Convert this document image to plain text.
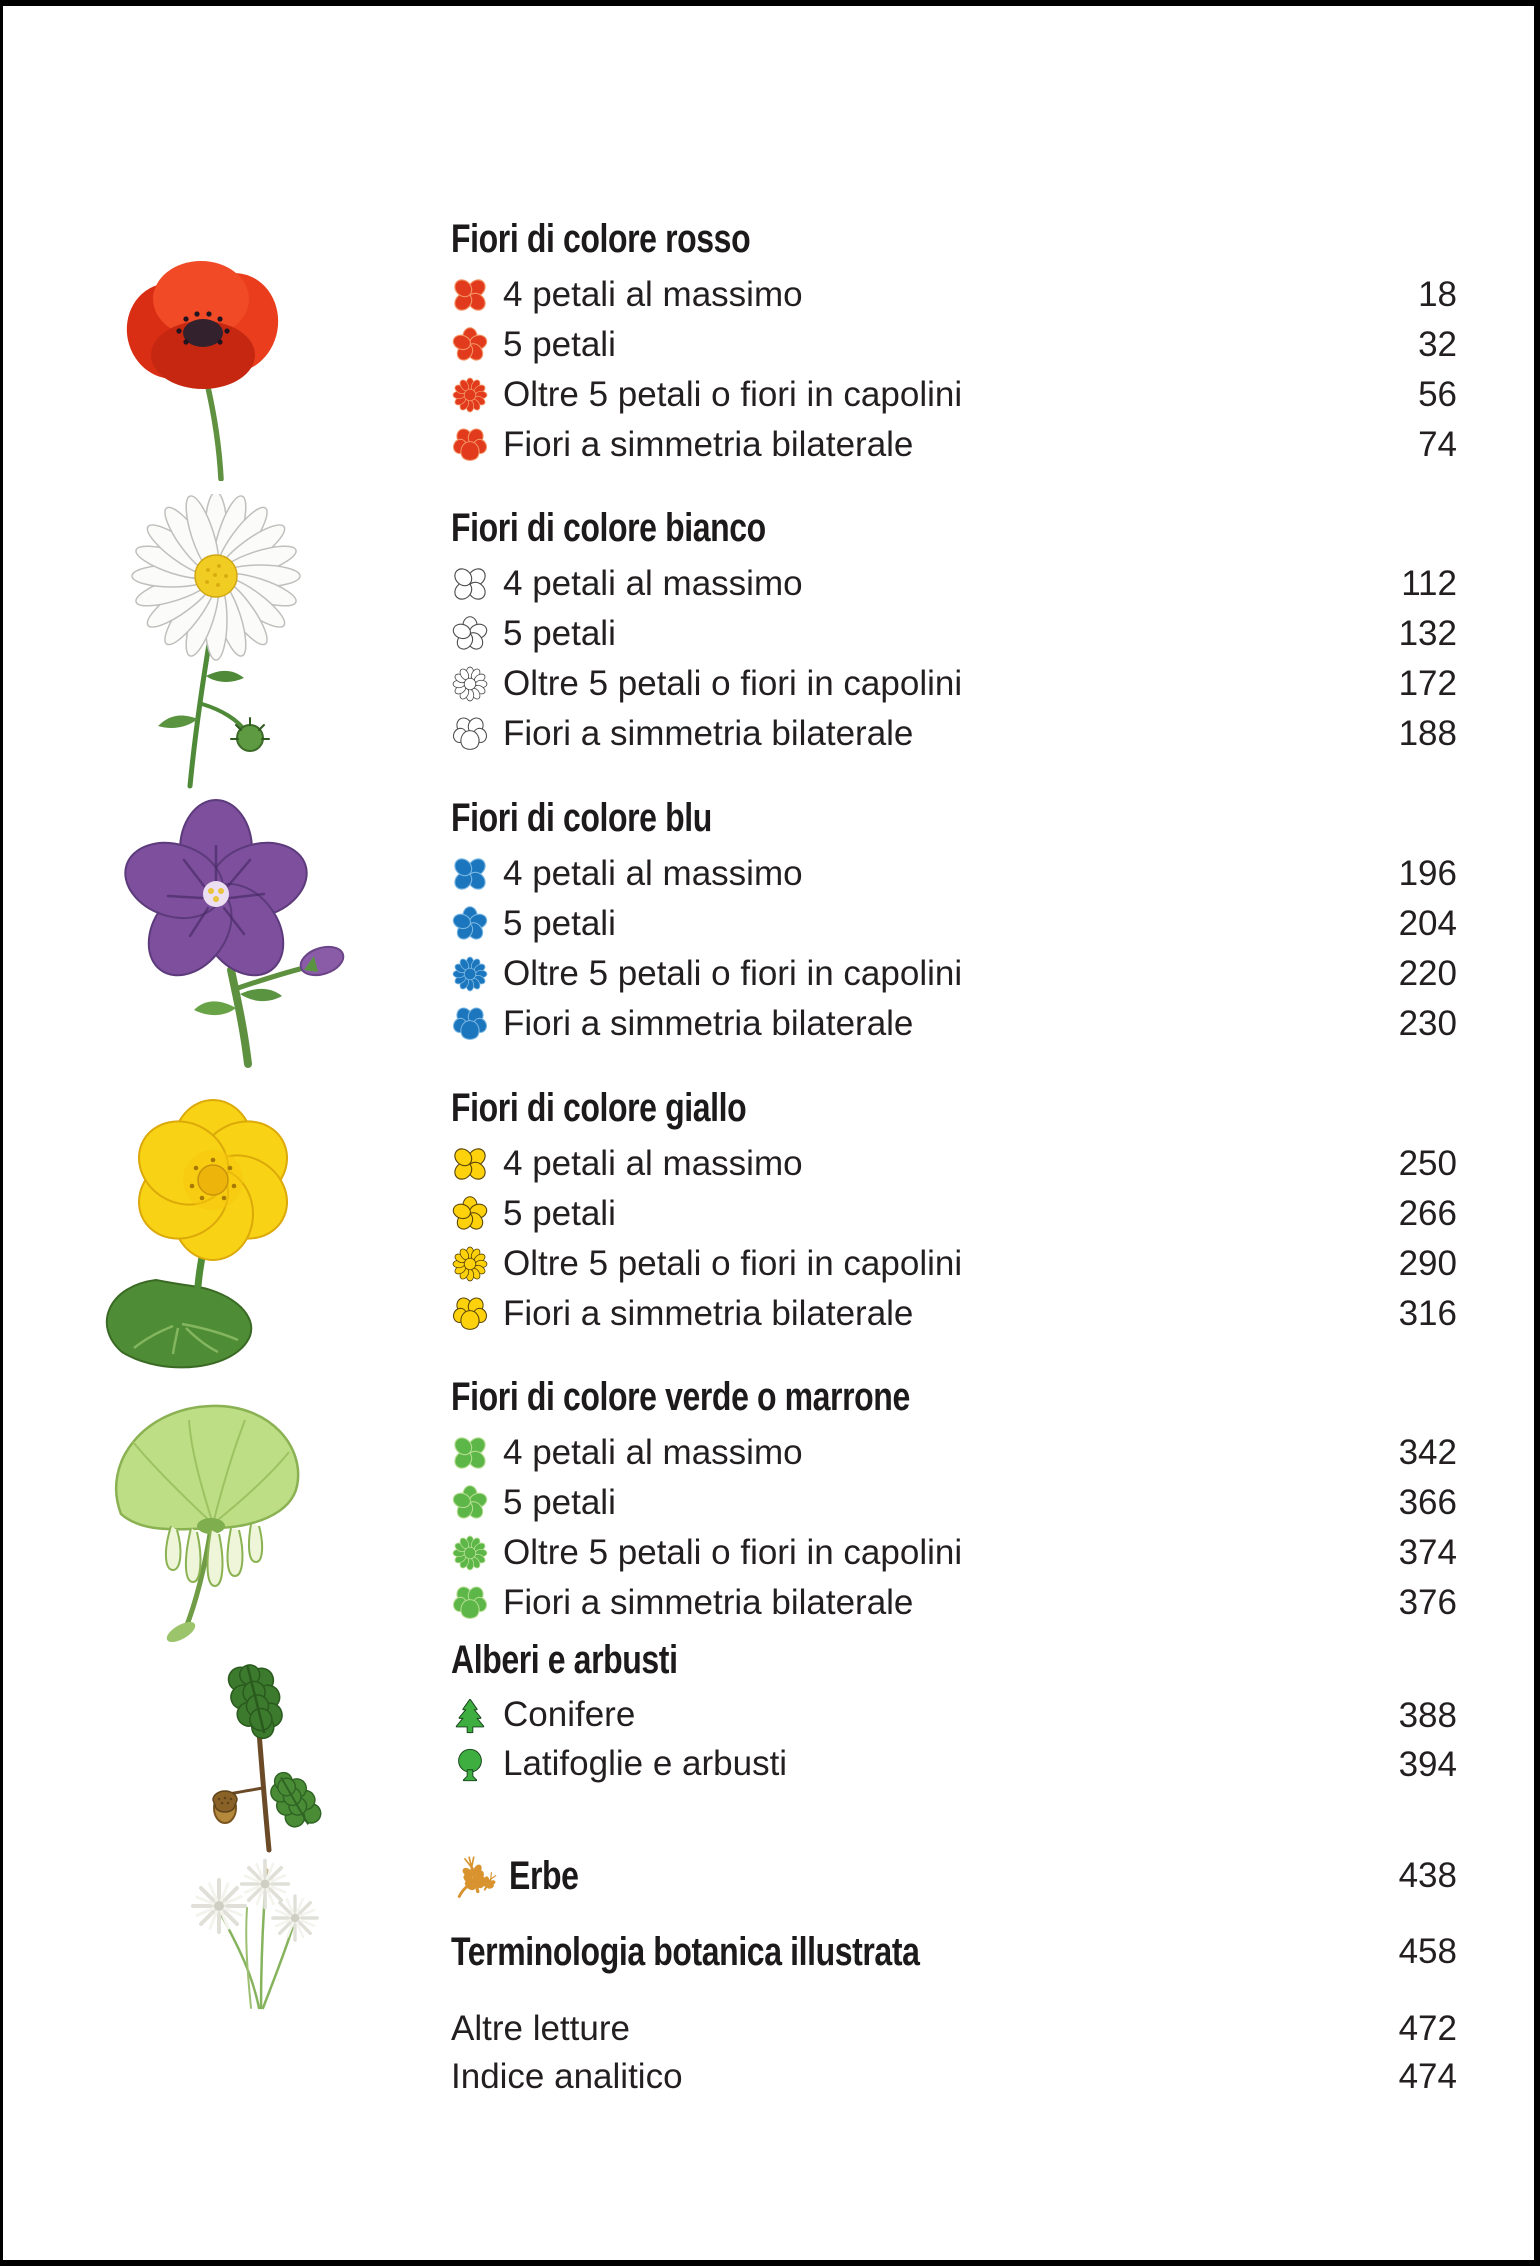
Fiori di colore rosso
4 petali al massimo	18
5 petali	32
Oltre 5 petali o fiori in capolini	56
Fiori a simmetria bilaterale	74
Fiori di colore bianco
4 petali al massimo	112
5 petali	132
Oltre 5 petali o fiori in capolini	172
Fiori a simmetria bilaterale	188
Fiori di colore blu
4 petali al massimo	196
5 petali	204
Oltre 5 petali o fiori in capolini	220
Fiori a simmetria bilaterale	230
Fiori di colore giallo
4 petali al massimo	250
5 petali	266
Oltre 5 petali o fiori in capolini	290
Fiori a simmetria bilaterale	316
Fiori di colore verde o marrone
4 petali al massimo	342
5 petali	366
Oltre 5 petali o fiori in capolini	374
Fiori a simmetria bilaterale	376
Alberi e arbusti
Conifere	388
Latifoglie e arbusti	394
Erbe	438
Terminologia botanica illustrata	458
Altre letture	472
Indice analitico	474
